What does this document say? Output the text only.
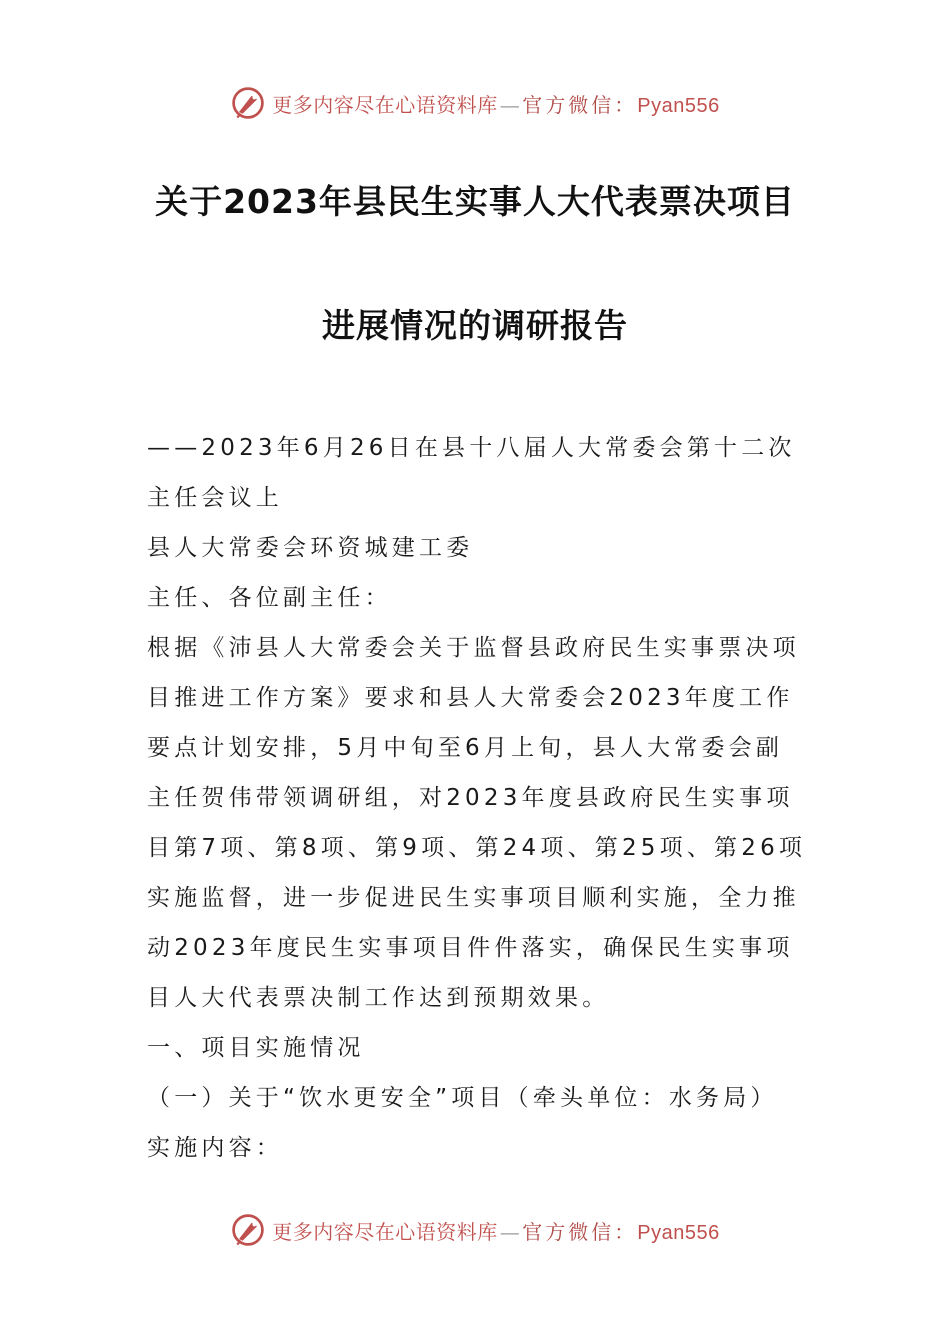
更多内容尽在心语资料库 — 官方微信：Pyan556
关于2023年县民生实事人大代表票决项目
进展情况的调研报告

——2023年6月26日在县十八届人大常委会第十二次主任会议上

县人大常委会环资城建工委

主任、各位副主任：

根据《沛县人大常委会关于监督县政府民生实事票决项目推进工作方案》要求和县人大常委会2023年度工作要点计划安排，5月中旬至6月上旬，县人大常委会副主任贺伟带领调研组，对2023年度县政府民生实事项目第7项、第8项、第9项、第24项、第25项、第26项实施监督，进一步促进民生实事项目顺利实施，全力推动2023年度民生实事项目件件落实，确保民生实事项目人大代表票决制工作达到预期效果。

一、项目实施情况

（一）关于“饮水更安全”项目（牵头单位：水务局）

实施内容：

更多内容尽在心语资料库 — 官方微信：Pyan556
